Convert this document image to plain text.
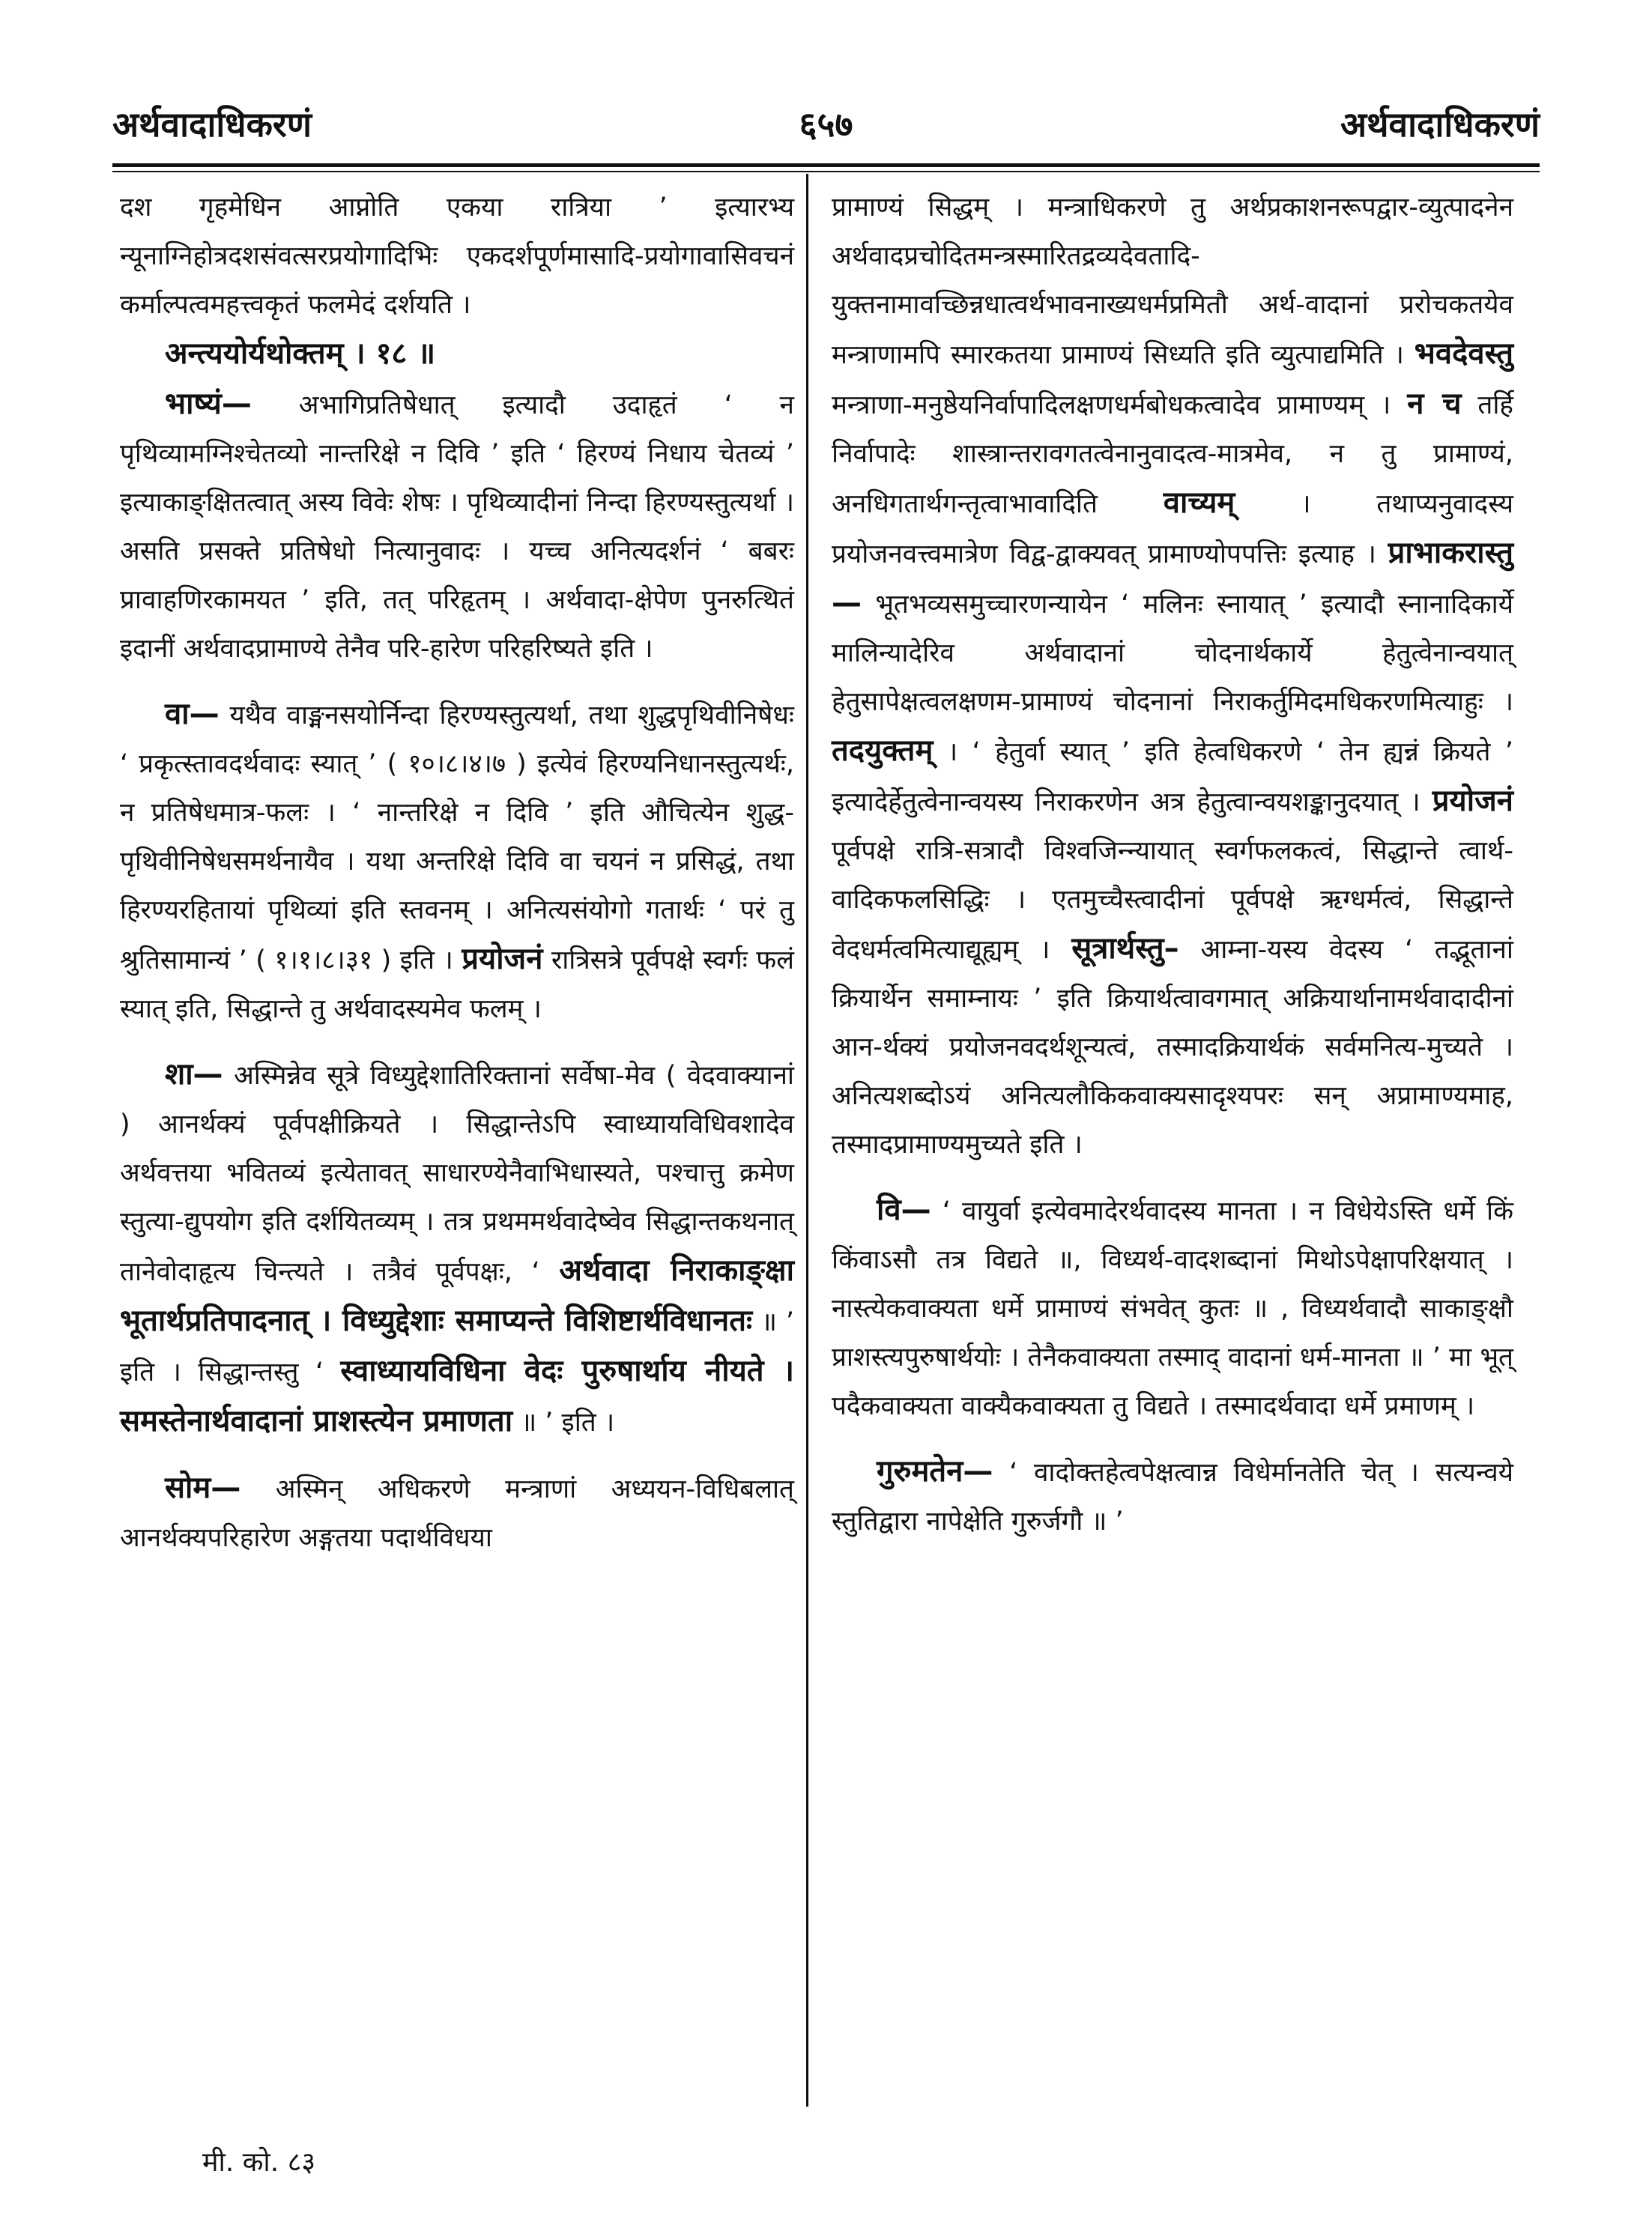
अर्थवादाधिकरणं	६५७	अर्थवादाधिकरणं

दश गृहमेधिन आप्नोति एकया रात्रिया ’ इत्यारभ्य न्यूनाग्निहोत्रदशसंवत्सरप्रयोगादिभिः एकदर्शपूर्णमासादि-प्रयोगावासिवचनं कर्माल्पत्वमहत्त्वकृतं फलमेदं दर्शयति ।

अन्त्ययोर्यथोक्तम् । १८ ॥

भाष्यं— अभागिप्रतिषेधात् इत्यादौ उदाहृतं ‘ न पृथिव्यामग्निश्चेतव्यो नान्तरिक्षे न दिवि ’ इति ‘ हिरण्यं निधाय चेतव्यं ’ इत्याकाङ्क्षितत्वात् अस्य विवेः शेषः । पृथिव्यादीनां निन्दा हिरण्यस्तुत्यर्था । असति प्रसक्ते प्रतिषेधो नित्यानुवादः । यच्च अनित्यदर्शनं ‘ बबरः प्रावाहणिरकामयत ’ इति, तत् परिहृतम् । अर्थवादा-क्षेपेण पुनरुत्थितं इदानीं अर्थवादप्रामाण्ये तेनैव परि-हारेण परिहरिष्यते इति ।

वा— यथैव वाङ्मनसयोर्निन्दा हिरण्यस्तुत्यर्था, तथा शुद्धपृथिवीनिषेधः ‘ प्रकृत्स्तावदर्थवादः स्यात् ’ ( १०।८।४।७ ) इत्येवं हिरण्यनिधानस्तुत्यर्थः, न प्रतिषेधमात्र-फलः । ‘ नान्तरिक्षे न दिवि ’ इति औचित्येन शुद्ध-पृथिवीनिषेधसमर्थनायैव । यथा अन्तरिक्षे दिवि वा चयनं न प्रसिद्धं, तथा हिरण्यरहितायां पृथिव्यां इति स्तवनम् । अनित्यसंयोगो गतार्थः ‘ परं तु श्रुतिसामान्यं ’ ( १।१।८।३१ ) इति । प्रयोजनं रात्रिसत्रे पूर्वपक्षे स्वर्गः फलं स्यात् इति, सिद्धान्ते तु अर्थवादस्यमेव फलम् ।

शा— अस्मिन्नेव सूत्रे विध्युद्देशातिरिक्तानां सर्वेषा-मेव ( वेदवाक्यानां ) आनर्थक्यं पूर्वपक्षीक्रियते । सिद्धान्तेऽपि स्वाध्यायविधिवशादेव अर्थवत्तया भवितव्यं इत्येतावत् साधारण्येनैवाभिधास्यते, पश्चात्तु क्रमेण स्तुत्या-द्युपयोग इति दर्शयितव्यम् । तत्र प्रथममर्थवादेष्वेव सिद्धान्तकथनात् तानेवोदाहृत्य चिन्त्यते । तत्रैवं पूर्वपक्षः, ‘ अर्थवादा निराकाङ्क्षा भूतार्थप्रतिपादनात् । विध्युद्देशाः समाप्यन्ते विशिष्टार्थविधानतः ॥ ’ इति । सिद्धान्तस्तु ‘ स्वाध्यायविधिना वेदः पुरुषार्थाय नीयते । समस्तेनार्थवादानां प्राशस्त्येन प्रमाणता ॥ ’ इति ।

सोम— अस्मिन् अधिकरणे मन्त्राणां अध्ययन-विधिबलात् आनर्थक्यपरिहारेण अङ्गतया पदार्थविधया

प्रामाण्यं सिद्धम् । मन्त्राधिकरणे तु अर्थप्रकाशनरूपद्वार-व्युत्पादनेन अर्थवादप्रचोदितमन्त्रस्मारितद्रव्यदेवतादि-युक्तनामावच्छिन्नधात्वर्थभावनाख्यधर्मप्रमितौ अर्थ-वादानां प्ररोचकतयेव मन्त्राणामपि स्मारकतया प्रामाण्यं सिध्यति इति व्युत्पाद्यमिति । भवदेवस्तु मन्त्राणा-मनुष्ठेयनिर्वापादिलक्षणधर्मबोधकत्वादेव प्रामाण्यम् । न च तर्हि निर्वापादेः शास्त्रान्तरावगतत्वेनानुवादत्व-मात्रमेव, न तु प्रामाण्यं, अनधिगतार्थगन्तृत्वाभावादिति वाच्यम् । तथाप्यनुवादस्य प्रयोजनवत्त्वमात्रेण विद्व-द्वाक्यवत् प्रामाण्योपपत्तिः इत्याह । प्राभाकरास्तु— भूतभव्यसमुच्चारणन्यायेन ‘ मलिनः स्नायात् ’ इत्यादौ स्नानादिकार्ये मालिन्यादेरिव अर्थवादानां चोदनार्थकार्ये हेतुत्वेनान्वयात् हेतुसापेक्षत्वलक्षणम-प्रामाण्यं चोदनानां निराकर्तुमिदमधिकरणमित्याहुः । तदयुक्तम् । ‘ हेतुर्वा स्यात् ’ इति हेत्वधिकरणे ‘ तेन ह्यन्नं क्रियते ’ इत्यादेर्हेतुत्वेनान्वयस्य निराकरणेन अत्र हेतुत्वान्वयशङ्कानुदयात् । प्रयोजनं पूर्वपक्षे रात्रि-सत्रादौ विश्वजिन्न्यायात् स्वर्गफलकत्वं, सिद्धान्ते त्वार्थ-वादिकफलसिद्धिः । एतमुच्चैस्त्वादीनां पूर्वपक्षे ऋग्धर्मत्वं, सिद्धान्ते वेदधर्मत्वमित्याद्यूह्यम् । सूत्रार्थस्तु– आम्ना-यस्य वेदस्य ‘ तद्भूतानां क्रियार्थेन समाम्नायः ’ इति क्रियार्थत्वावगमात् अक्रियार्थानामर्थवादादीनां आन-र्थक्यं प्रयोजनवदर्थशून्यत्वं, तस्मादक्रियार्थकं सर्वमनित्य-मुच्यते । अनित्यशब्दोऽयं अनित्यलौकिकवाक्यसादृश्यपरः सन् अप्रामाण्यमाह, तस्मादप्रामाण्यमुच्यते इति ।

वि— ‘ वायुर्वा इत्येवमादेरर्थवादस्य मानता । न विधेयेऽस्ति धर्मे किं किंवाऽसौ तत्र विद्यते ॥, विध्यर्थ-वादशब्दानां मिथोऽपेक्षापरिक्षयात् । नास्त्येकवाक्यता धर्मे प्रामाण्यं संभवेत् कुतः ॥ , विध्यर्थवादौ साकाङ्क्षौ प्राशस्त्यपुरुषार्थयोः । तेनैकवाक्यता तस्माद् वादानां धर्म-मानता ॥ ’ मा भूत् पदैकवाक्यता वाक्यैकवाक्यता तु विद्यते । तस्मादर्थवादा धर्मे प्रमाणम् ।

गुरुमतेन— ‘ वादोक्तहेत्वपेक्षत्वान्न विधेर्मानतेति चेत् । सत्यन्वये स्तुतिद्वारा नापेक्षेति गुरुर्जगौ ॥ ’

मी. को. ८३
